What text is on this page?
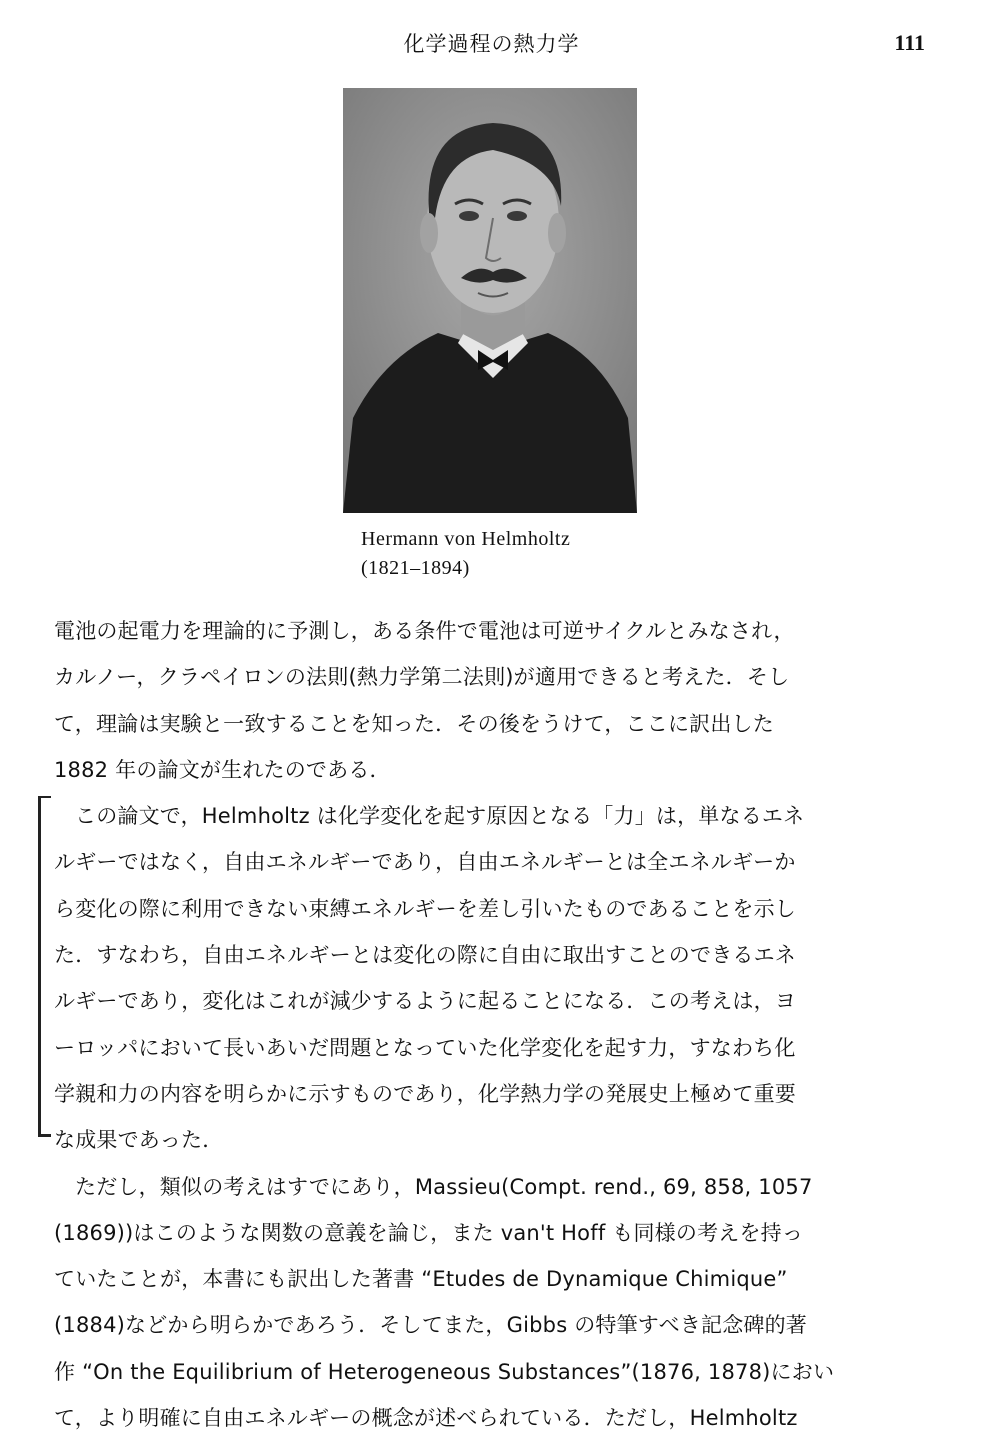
化学過程の熱力学	111
Hermann von Helmholtz
(1821–1894)

電池の起電力を理論的に予測し，ある条件で電池は可逆サイクルとみなされ，
カルノー，クラペイロンの法則(熱力学第二法則)が適用できると考えた．そし
て，理論は実験と一致することを知った．その後をうけて，ここに訳出した
1882 年の論文が生れたのである．

この論文で，Helmholtz は化学変化を起す原因となる「力」は，単なるエネ
ルギーではなく，自由エネルギーであり，自由エネルギーとは全エネルギーか
ら変化の際に利用できない束縛エネルギーを差し引いたものであることを示し
た．すなわち，自由エネルギーとは変化の際に自由に取出すことのできるエネ
ルギーであり，変化はこれが減少するように起ることになる．この考えは，ヨ
ーロッパにおいて長いあいだ問題となっていた化学変化を起す力，すなわち化
学親和力の内容を明らかに示すものであり，化学熱力学の発展史上極めて重要
な成果であった．

ただし，類似の考えはすでにあり，Massieu(Compt. rend., 69, 858, 1057
(1869))はこのような関数の意義を論じ，また van't Hoff も同様の考えを持っ
ていたことが，本書にも訳出した著書 “Etudes de Dynamique Chimique”
(1884)などから明らかであろう．そしてまた，Gibbs の特筆すべき記念碑的著
作 “On the Equilibrium of Heterogeneous Substances”(1876, 1878)におい
て，より明確に自由エネルギーの概念が述べられている．ただし，Helmholtz
